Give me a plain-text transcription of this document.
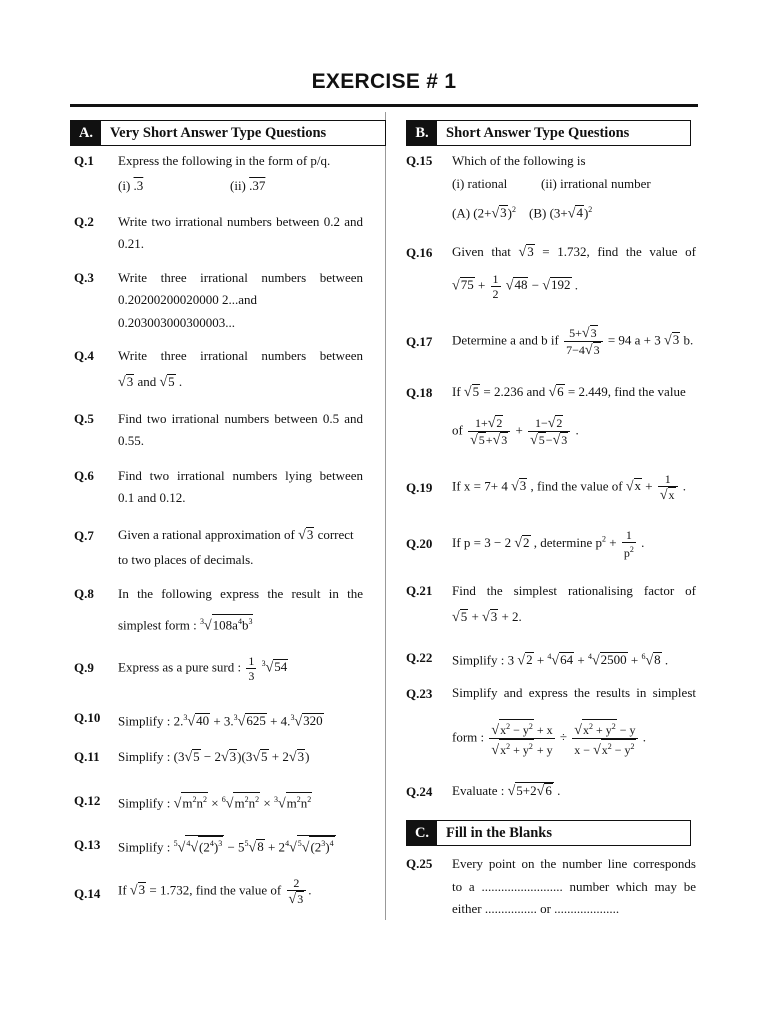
EXERCISE # 1
A.	Very Short Answer Type Questions	B.	Short Answer Type Questions
C.	Fill in the Blanks
Q.1 Express the following in the form of p/q.
(i) .3	(ii) .37
Q.2 Write two irrational numbers between 0.2 and
0.21.
Q.3 Write three irrational numbers between
0.20200200020000 2...and
0.203003000300003...
Q.4 Write three irrational numbers between
√3 and √5 .
Q.5 Find two irrational numbers between 0.5 and
0.55.
Q.6 Find two irrational numbers lying between
0.1 and 0.12.
Q.7 Given a rational approximation of √3 correct
to two places of decimals.
Q.8 In the following express the result in the
simplest form : $^3√108a^4b^3$
Q.9 Express as a pure surd : $\frac{1}{3} ^3√54$
Q.10 Simplify : 2.$^3$√40 + 3.$^3$√625 + 4.$^3$√320
Q.11 Simplify : (3√5 − 2√3)(3√5 + 2√3)
Q.12 Simplify : $√m^2n^2 \times ^6√m^2n^2 \times ^3√m^2n^2$
Q.13 Simplify : $^5√^4√(2^4)^3 - 5^5√8 + 2^4√^5√(2^3)^4$
Q.14 If √3 = 1.732, find the value of $\frac{2}{√3}$ .
Q.15 Which of the following is
(i) rational	(ii) irrational number
(A) $(2+√3)^2$    (B) $(3+√4)^2$
Q.16 Given that √3 = 1.732, find the value of
$√75 + \frac{1}{2} √48 - √192$ .
Q.17 Determine a and b if $\frac{5+√3}{7-4√3} = 94$ a + 3 √3 b.
Q.18 If √5 = 2.236 and √6 = 2.449, find the value
of $\frac{1+√2}{√5+√3} + \frac{1-√2}{√5-√3}$ .
Q.19 If x = 7+ 4 √3 , find the value of $√x + \frac{1}{√x}$ .
Q.20 If p = 3 − 2 √2 , determine $p^2 + \frac{1}{p^2}$ .
Q.21 Find the simplest rationalising factor of
√5 + √3 + 2.
Q.22 Simplify : 3 √2 + $^4$√64 + $^4$√2500 + $^6$√8 .
Q.23 Simplify and express the results in simplest
form : $\frac{√x^2 - y^2 + x}{√x^2 + y^2 + y} \div \frac{√x^2 + y^2 - y}{x - √x^2 - y^2}$ .
Q.24 Evaluate : √5+2√6 .
Q.25 Every point on the number line corresponds
to a ......................... number which may be
either ................ or ....................
